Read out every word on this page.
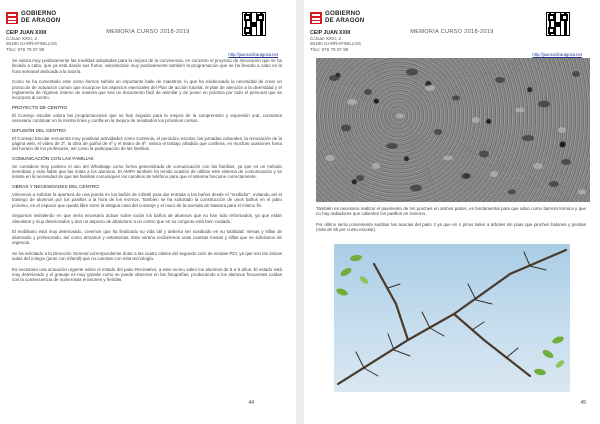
GOBIERNO
DE ARAGON
CEIP JUAN XXIII
C/Juan XXIII, 2
50190 GARRAPINILLOS
Tlno: 976 78 07 95
MEMORIA CURSO 2018-2019
http://juanxxiiizaragoza.net

Se valora muy positivamente las medidas adoptadas para la mejora de la convivencia, en concreto el proyecto de innovación que se ha llevado a cabo, que ya está dando sus frutos, valorándose muy positivamente también la programación que se ha llevado a cabo en la hora semanal dedicada a la tutoría.

Como se ha comentado este curso hemos sufrido un importante baile de maestros, lo que ha evidenciado la necesidad de crear un protocolo de actuación común que incorpore los aspectos esenciales del Plan de acción tutorial, el plan de atención a la diversidad y el reglamento de régimen interno de manera que sea un documento fácil de asimilar y de poner en práctica por todo el personal que se incorpora al centro.

PROYECTO DE CENTRO

El Consejo escolar valora las programaciones que se han seguido para la mejora de la comprensión y expresión oral, considera necesario continuar en la misma línea y confía en la mejora de resultados los próximos cursos.

DIFUSIÓN DEL CENTRO

El Consejo Escolar encuentra muy positivas actividades como Centenia, el periódico escolar, las jornadas culturales, la renovación de la página web, el vídeo de 2º, la obra de guiñol de 4º y el teatro de 6º. Valora el trabajo añadido que conlleva, en muchas ocasiones fuera del horario de los profesores, así como la participación de las familias.

COMUNICACIÓN CON LAS FAMILIAS

Se considera muy positivo el uso del Whatsapp como forma generalizada de comunicación con las familias, ya que es un método inmediato y más fiable que las notas a los alumnos. El AMPA también ha tenido ocasión de utilizar este sistema de comunicación y se insiste en la necesidad de que las familias comuniquen los cambios de teléfono para que el sistema funcione correctamente.

OBRAS Y NECESIDADES DEL CENTRO

Volvemos a solicitar la apertura de una puerta en los bañós de infantil para dar entrada a los baños desde el "recibidor", evitando así el trasiego de alumnos por los pasillos a la hora de los recreos. También se ha solicitado la construcción de unos baños en el patio próximo, en el espacio que queda libre entre la antigua casa del conserje y el muro de la avenida de Navarra para el mismo fin.

Seguimos insistiendo en que sería necesario actuar sobre todos los baños de alumnos que no han sido reformados, ya que están obsoletos y muy deteriorados y dan un aspecto de abandono a un centro que en su conjunto está bien cuidado.

El mobiliario está muy deteriorado, creemos que ha finalizado su vida útil y debería ser sustituido en su totalidad: mesas y sillas de alumnado y profesorado, así como armarios y estanterías. Este verano recibiremos unas cuantas mesas y sillas que se solicitaron de urgencia.

Se ha solicitado a la Dirección General correspondiente dotar a las cuatro clases del segundo ciclo de sendas PDI, ya que son las únicas aulas del colegio (junto con infantil) que no cuentan con esta tecnología.

Es necesaria una actuación urgente sobre el estado del patio Recreativo, a este recreo salen los alumnos de 5 a 8 años. El estado está muy deteriorado y el granaje es muy grande como se puede observar en las fotografías, produciendo a los alumnos frecuentes caídas con la consecuencia de numerosas erosiones y heridas.

44
GOBIERNO
DE ARAGON
CEIP JUAN XXIII
C/Juan XXIII, 2
50190 GARRAPINILLOS
Tlno: 976 78 07 95
MEMORIA CURSO 2018-2019
http://juanxxiiizaragoza.net

También es necesario realizar el pavimento de los porches en ambos patios, es fundamental para que aduo como barrera térmica y que no hay radiadores que calienten los pasillos en invierno.

Por último sería conveniente sustituir las acacias del patio 2 ya que en 4 pinos salen a árboles sin púas que pinchen balones y pelotas (más de 50 por curso escolar).

45
